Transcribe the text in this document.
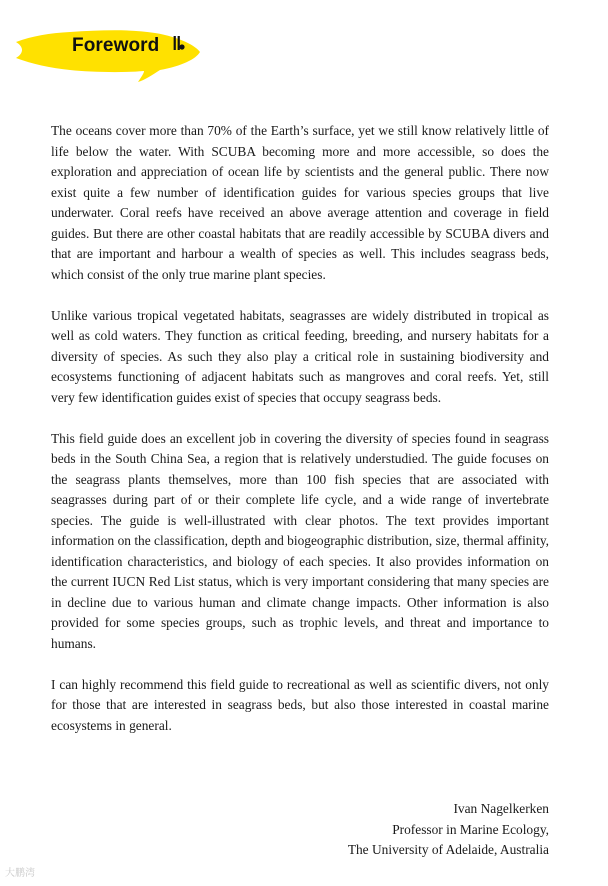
Foreword ‖

The oceans cover more than 70% of the Earth’s surface, yet we still know relatively little of life below the water. With SCUBA becoming more and more accessible, so does the exploration and appreciation of ocean life by scientists and the general public. There now exist quite a few number of identification guides for various species groups that live underwater. Coral reefs have received an above average attention and coverage in field guides. But there are other coastal habitats that are readily accessible by SCUBA divers and that are important and harbour a wealth of species as well. This includes seagrass beds, which consist of the only true marine plant species.

Unlike various tropical vegetated habitats, seagrasses are widely distributed in tropical as well as cold waters. They function as critical feeding, breeding, and nursery habitats for a diversity of species. As such they also play a critical role in sustaining biodiversity and ecosystems functioning of adjacent habitats such as mangroves and coral reefs. Yet, still very few identification guides exist of species that occupy seagrass beds.

This field guide does an excellent job in covering the diversity of species found in seagrass beds in the South China Sea, a region that is relatively understudied. The guide focuses on the seagrass plants themselves, more than 100 fish species that are associated with seagrasses during part of or their complete life cycle, and a wide range of invertebrate species. The guide is well-illustrated with clear photos. The text provides important information on the classification, depth and biogeographic distribution, size, thermal affinity, identification characteristics, and biology of each species. It also provides information on the current IUCN Red List status, which is very important considering that many species are in decline due to various human and climate change impacts. Other information is also provided for some species groups, such as trophic levels, and threat and importance to humans.

I can highly recommend this field guide to recreational as well as scientific divers, not only for those that are interested in seagrass beds, but also those interested in coastal marine ecosystems in general.

Ivan Nagelkerken
Professor in Marine Ecology,
The University of Adelaide, Australia
大鹏湾
